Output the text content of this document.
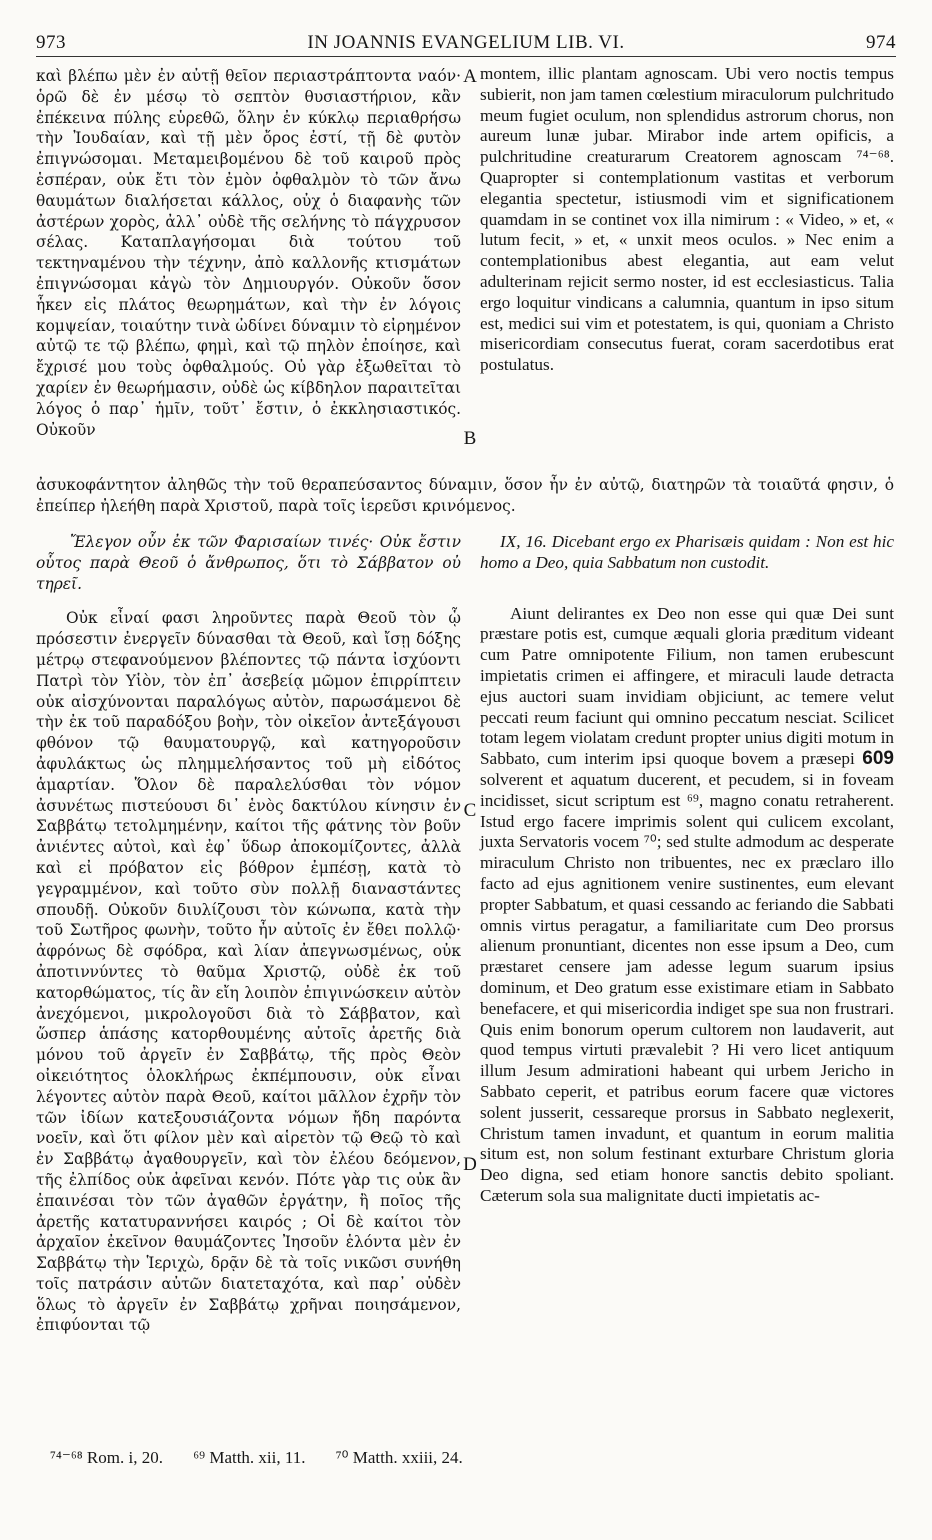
973	IN JOANNIS EVANGELIUM LIB. VI.	974

καὶ βλέπω μὲν ἐν αὐτῇ θεῖον περιαστράπτοντα ναόν· ὁρῶ δὲ ἐν μέσῳ τὸ σεπτὸν θυσιαστήριον, κἂν ἐπέκεινα πύλης εὑρεθῶ, ὅλην ἐν κύκλῳ περιαθρήσω τὴν Ἰουδαίαν, καὶ τῇ μὲν ὄρος ἐστί, τῇ δὲ φυτὸν ἐπιγνώσομαι. Μεταμειβομένου δὲ τοῦ καιροῦ πρὸς ἑσπέραν, οὐκ ἔτι τὸν ἐμὸν ὀφθαλμὸν τὸ τῶν ἄνω θαυμάτων διαλήσεται κάλλος, οὐχ ὁ διαφανὴς τῶν ἀστέρων χορὸς, ἀλλ᾽ οὐδὲ τῆς σελήνης τὸ πάγχρυσον σέλας. Καταπλαγήσομαι διὰ τούτου τοῦ τεκτηναμένου τὴν τέχνην, ἀπὸ καλλονῆς κτισμάτων ἐπιγνώσομαι κἀγὼ τὸν Δημιουργόν. Οὐκοῦν ὅσον ἧκεν εἰς πλάτος θεωρημάτων, καὶ τὴν ἐν λόγοις κομψείαν, τοιαύτην τινὰ ὠδίνει δύναμιν τὸ εἰρημένον αὐτῷ τε τῷ βλέπω, φημὶ, καὶ τῷ πηλὸν ἐποίησε, καὶ ἔχρισέ μου τοὺς ὀφθαλμούς. Οὐ γὰρ ἐξωθεῖται τὸ χαρίεν ἐν θεωρήμασιν, οὐδὲ ὡς κίβδηλον παραιτεῖται λόγος ὁ παρ᾽ ἡμῖν, τοῦτ᾽ ἔστιν, ὁ ἐκκλησιαστικός. Οὐκοῦν

montem, illic plantam agnoscam. Ubi vero noctis tempus subierit, non jam tamen cœlestium miraculorum pulchritudo meum fugiet oculum, non splendidus astrorum chorus, non aureum lunæ jubar. Mirabor inde artem opificis, a pulchritudine creaturarum Creatorem agnoscam ⁷⁴⁻⁶⁸. Quapropter si contemplationum vastitas et verborum elegantia spectetur, istiusmodi vim et significationem quamdam in se continet vox illa nimirum : « Video, » et, « lutum fecit, » et, « unxit meos oculos. » Nec enim a contemplationibus abest elegantia, aut eam velut adulterinam rejicit sermo noster, id est ecclesiasticus. Talia ergo loquitur vindicans a calumnia, quantum in ipso situm est, medici sui vim et potestatem, is qui, quoniam a Christo misericordiam consecutus fuerat, coram sacerdotibus erat postulatus.

A
B

ἀσυκοφάντητον ἀληθῶς τὴν τοῦ θεραπεύσαντος δύναμιν, ὅσον ἦν ἐν αὐτῷ, διατηρῶν τὰ τοιαῦτά φησιν, ὁ ἐπείπερ ἠλεήθη παρὰ Χριστοῦ, παρὰ τοῖς ἱερεῦσι κρινόμενος.

Ἔλεγον οὖν ἐκ τῶν Φαρισαίων τινές· Οὐκ ἔστιν οὗτος παρὰ Θεοῦ ὁ ἄνθρωπος, ὅτι τὸ Σάββατον οὐ τηρεῖ.

Οὐκ εἶναί φασι ληροῦντες παρὰ Θεοῦ τὸν ᾧ πρόσεστιν ἐνεργεῖν δύνασθαι τὰ Θεοῦ, καὶ ἴσῃ δόξης μέτρῳ στεφανούμενον βλέποντες τῷ πάντα ἰσχύοντι Πατρὶ τὸν Υἱὸν, τὸν ἐπ᾽ ἀσεβείᾳ μῶμον ἐπιρρίπτειν οὐκ αἰσχύνονται παραλόγως αὐτὸν, παρωσάμενοι δὲ τὴν ἐκ τοῦ παραδόξου βοὴν, τὸν οἰκεῖον ἀντεξάγουσι φθόνον τῷ θαυματουργῷ, καὶ κατηγοροῦσιν ἀφυλάκτως ὡς πλημμελήσαντος τοῦ μὴ εἰδότος ἁμαρτίαν. Ὅλον δὲ παραλελύσθαι τὸν νόμον ἀσυνέτως πιστεύουσι δι᾽ ἑνὸς δακτύλου κίνησιν ἐν Σαββάτῳ τετολμημένην, καίτοι τῆς φάτνης τὸν βοῦν ἀνιέντες αὐτοὶ, καὶ ἐφ᾽ ὕδωρ ἀποκομίζοντες, ἀλλὰ καὶ εἰ πρόβατον εἰς βόθρον ἐμπέσῃ, κατὰ τὸ γεγραμμένον, καὶ τοῦτο σὺν πολλῇ διαναστάντες σπουδῇ. Οὐκοῦν διυλίζουσι τὸν κώνωπα, κατὰ τὴν τοῦ Σωτῆρος φωνὴν, τοῦτο ἦν αὐτοῖς ἐν ἔθει πολλῷ· ἀφρόνως δὲ σφόδρα, καὶ λίαν ἀπεγνωσμένως, οὐκ ἀποτιννύντες τὸ θαῦμα Χριστῷ, οὐδὲ ἐκ τοῦ κατορθώματος, τίς ἂν εἴη λοιπὸν ἐπιγινώσκειν αὐτὸν ἀνεχόμενοι, μικρολογοῦσι διὰ τὸ Σάββατον, καὶ ὥσπερ ἁπάσης κατορθουμένης αὐτοῖς ἀρετῆς διὰ μόνου τοῦ ἀργεῖν ἐν Σαββάτῳ, τῆς πρὸς Θεὸν οἰκειότητος ὁλοκλήρως ἐκπέμπουσιν, οὐκ εἶναι λέγοντες αὐτὸν παρὰ Θεοῦ, καίτοι μᾶλλον ἐχρῆν τὸν τῶν ἰδίων κατεξουσιάζοντα νόμων ἤδη παρόντα νοεῖν, καὶ ὅτι φίλον μὲν καὶ αἱρετὸν τῷ Θεῷ τὸ καὶ ἐν Σαββάτῳ ἀγαθουργεῖν, καὶ τὸν ἐλέου δεόμενον, τῆς ἐλπίδος οὐκ ἀφεῖναι κενόν. Πότε γὰρ τις οὐκ ἂν ἐπαινέσαι τὸν τῶν ἀγαθῶν ἐργάτην, ἢ ποῖος τῆς ἀρετῆς κατατυραννήσει καιρός ; Οἱ δὲ καίτοι τὸν ἀρχαῖον ἐκεῖνον θαυμάζοντες Ἰησοῦν ἑλόντα μὲν ἐν Σαββάτῳ τὴν Ἱεριχὼ, δρᾷν δὲ τὰ τοῖς νικῶσι συνήθη τοῖς πατράσιν αὐτῶν διατεταχότα, καὶ παρ᾽ οὐδὲν ὅλως τὸ ἀργεῖν ἐν Σαββάτῳ χρῆναι ποιησάμενον, ἐπιφύονται τῷ

IX, 16. Dicebant ergo ex Pharisæis quidam : Non est hic homo a Deo, quia Sabbatum non custodit.

Aiunt delirantes ex Deo non esse qui quæ Dei sunt præstare potis est, cumque æquali gloria præditum videant cum Patre omnipotente Filium, non tamen erubescunt impietatis crimen ei affingere, et miraculi laude detracta ejus auctori suam invidiam objiciunt, ac temere velut peccati reum faciunt qui omnino peccatum nesciat. Scilicet totam legem violatam credunt propter unius digiti motum in Sabbato, cum interim ipsi quoque bovem a præsepi 609 solverent et aquatum ducerent, et pecudem, si in foveam incidisset, sicut scriptum est ⁶⁹, magno conatu retraherent. Istud ergo facere imprimis solent qui culicem excolant, juxta Servatoris vocem ⁷⁰; sed stulte admodum ac desperate miraculum Christo non tribuentes, nec ex præclaro illo facto ad ejus agnitionem venire sustinentes, eum elevant propter Sabbatum, et quasi cessando ac feriando die Sabbati omnis virtus peragatur, a familiaritate cum Deo prorsus alienum pronuntiant, dicentes non esse ipsum a Deo, cum præstaret censere jam adesse legum suarum ipsius dominum, et Deo gratum esse existimare etiam in Sabbato benefacere, et qui misericordia indiget spe sua non frustrari. Quis enim bonorum operum cultorem non laudaverit, aut quod tempus virtuti prævalebit ? Hi vero licet antiquum illum Jesum admirationi habeant qui urbem Jericho in Sabbato ceperit, et patribus eorum facere quæ victores solent jusserit, cessareque prorsus in Sabbato neglexerit, Christum tamen invadunt, et quantum in eorum malitia situm est, non solum festinant exturbare Christum gloria Deo digna, sed etiam honore sanctis debito spoliant. Cæterum sola sua malignitate ducti impietatis ac-

C
D
⁷⁴⁻⁶⁸ Rom. i, 20. ⁶⁹ Matth. xii, 11. ⁷⁰ Matth. xxiii, 24.
